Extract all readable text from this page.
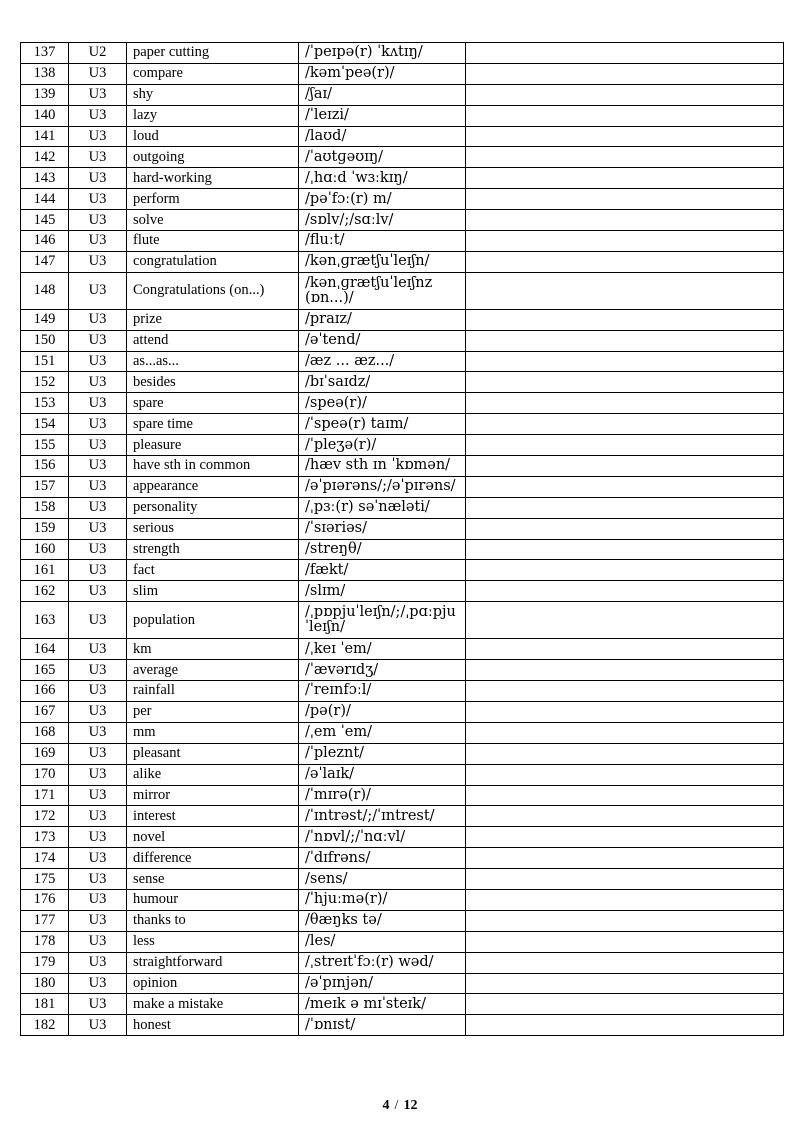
137	U2	paper cutting	/ˈpeɪpə(r) ˈkʌtɪŋ/	
138	U3	compare	/kəmˈpeə(r)/	
139	U3	shy	/ʃaɪ/	
140	U3	lazy	/ˈleɪzi/	
141	U3	loud	/laʊd/	
142	U3	outgoing	/ˈaʊtɡəʊɪŋ/	
143	U3	hard-working	/ˌhɑːd ˈwɜːkɪŋ/	
144	U3	perform	/pəˈfɔː(r) m/	
145	U3	solve	/sɒlv/;/sɑːlv/	
146	U3	flute	/fluːt/	
147	U3	congratulation	/kənˌɡrætʃuˈleɪʃn/	
148	U3	Congratulations (on...)	/kənˌɡrætʃuˈleɪʃnz (ɒn...)/	
149	U3	prize	/praɪz/	
150	U3	attend	/əˈtend/	
151	U3	as...as...	/æz ... æz.../	
152	U3	besides	/bɪˈsaɪdz/	
153	U3	spare	/speə(r)/	
154	U3	spare time	/ˈspeə(r) taɪm/	
155	U3	pleasure	/ˈpleʒə(r)/	
156	U3	have sth in common	/hæv sth ɪn ˈkɒmən/	
157	U3	appearance	/əˈpɪərəns/;/əˈpɪrəns/	
158	U3	personality	/ˌpɜː(r) səˈnæləti/	
159	U3	serious	/ˈsɪəriəs/	
160	U3	strength	/streŋθ/	
161	U3	fact	/fækt/	
162	U3	slim	/slɪm/	
163	U3	population	/ˌpɒpjuˈleɪʃn/;/ˌpɑːpjuˈleɪʃn/	
164	U3	km	/ˌkeɪ ˈem/	
165	U3	average	/ˈævərɪdʒ/	
166	U3	rainfall	/ˈreɪnfɔːl/	
167	U3	per	/pə(r)/	
168	U3	mm	/ˌem ˈem/	
169	U3	pleasant	/ˈpleznt/	
170	U3	alike	/əˈlaɪk/	
171	U3	mirror	/ˈmɪrə(r)/	
172	U3	interest	/ˈɪntrəst/;/ˈɪntrest/	
173	U3	novel	/ˈnɒvl/;/ˈnɑːvl/	
174	U3	difference	/ˈdɪfrəns/	
175	U3	sense	/sens/	
176	U3	humour	/ˈhjuːmə(r)/	
177	U3	thanks to	/θæŋks tə/	
178	U3	less	/les/	
179	U3	straightforward	/ˌstreɪtˈfɔː(r) wəd/	
180	U3	opinion	/əˈpɪnjən/	
181	U3	make a mistake	/meɪk ə mɪˈsteɪk/	
182	U3	honest	/ˈɒnɪst/	
4 / 12
